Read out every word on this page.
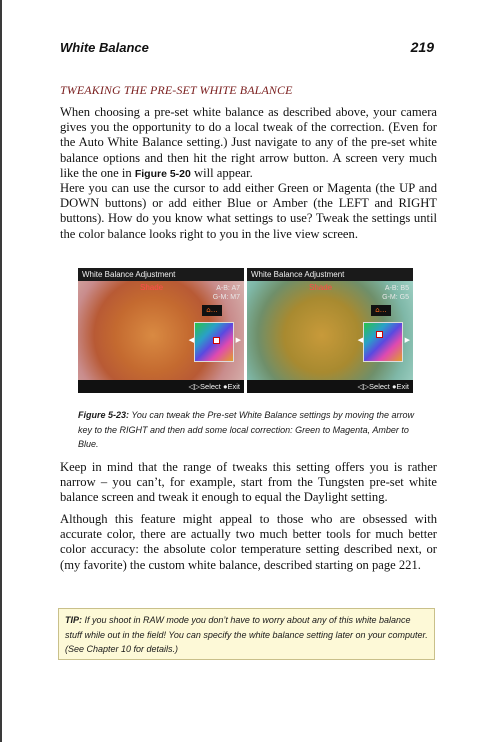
White Balance	219
TWEAKING THE PRE-SET WHITE BALANCE
When choosing a pre-set white balance as described above, your camera gives you the opportunity to do a local tweak of the correction. (Even for the Auto White Balance setting.) Just navigate to any of the pre-set white balance options and then hit the right arrow button. A screen very much like the one in Figure 5-20 will appear.
Here you can use the cursor to add either Green or Magenta (the UP and DOWN buttons) or add either Blue or Amber (the LEFT and RIGHT buttons). How do you know what settings to use? Tweak the settings until the color balance looks right to you in the live view screen.
White Balance Adjustment
Shade	A-B: A7
G-M: M7
⌂…
◀	▶
◁▷Select ●Exit
White Balance Adjustment
Shade	A-B: B5
G-M: G5
⌂…
◀	▶
◁▷Select ●Exit
Figure 5-23: You can tweak the Pre-set White Balance settings by moving the arrow key to the RIGHT and then add some local correction: Green to Magenta, Amber to Blue.
Keep in mind that the range of tweaks this setting offers you is rather narrow – you can’t, for example, start from the Tungsten pre-set white balance screen and tweak it enough to equal the Daylight setting.
Although this feature might appeal to those who are obsessed with accurate color, there are actually two much better tools for much better color accuracy: the absolute color temperature setting described next, or (my favorite) the custom white balance, described starting on page 221.
TIP: If you shoot in RAW mode you don’t have to worry about any of this white balance stuff while out in the field! You can specify the white balance setting later on your computer. (See Chapter 10 for details.)
